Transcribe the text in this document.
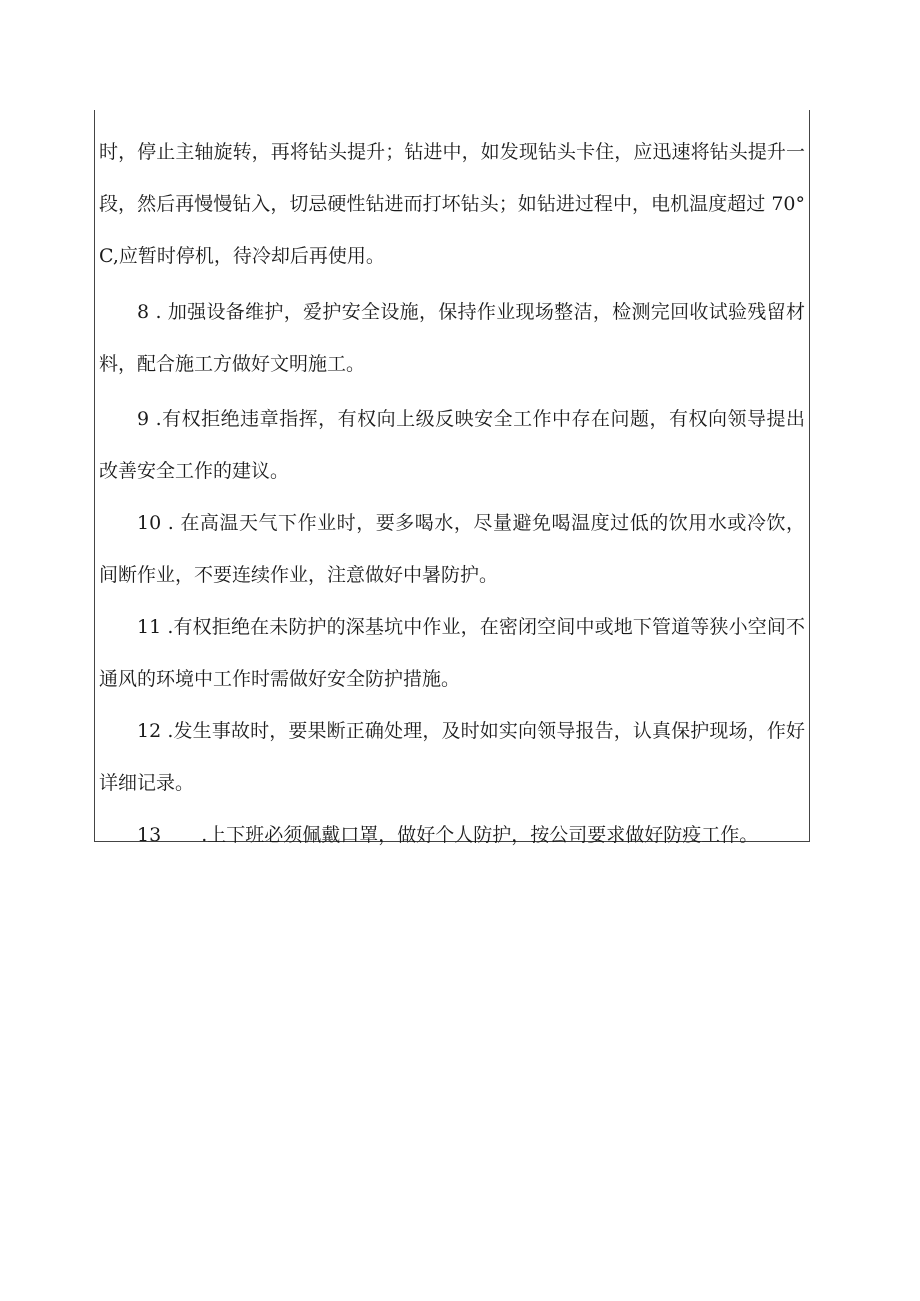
时，停止主轴旋转，再将钻头提升；钻进中，如发现钻头卡住，应迅速将钻头提升一段，然后再慢慢钻入，切忌硬性钻进而打坏钻头；如钻进过程中，电机温度超过 70°C,应暂时停机，待冷却后再使用。

8 . 加强设备维护，爱护安全设施，保持作业现场整洁，检测完回收试验残留材料，配合施工方做好文明施工。

9 .有权拒绝违章指挥，有权向上级反映安全工作中存在问题，有权向领导提出改善安全工作的建议。

10 . 在高温天气下作业时，要多喝水，尽量避免喝温度过低的饮用水或冷饮，间断作业，不要连续作业，注意做好中暑防护。

11 .有权拒绝在未防护的深基坑中作业，在密闭空间中或地下管道等狭小空间不通风的环境中工作时需做好安全防护措施。

12 .发生事故时，要果断正确处理，及时如实向领导报告，认真保护现场，作好详细记录。

13 .上下班必须佩戴口罩，做好个人防护，按公司要求做好防疫工作。
